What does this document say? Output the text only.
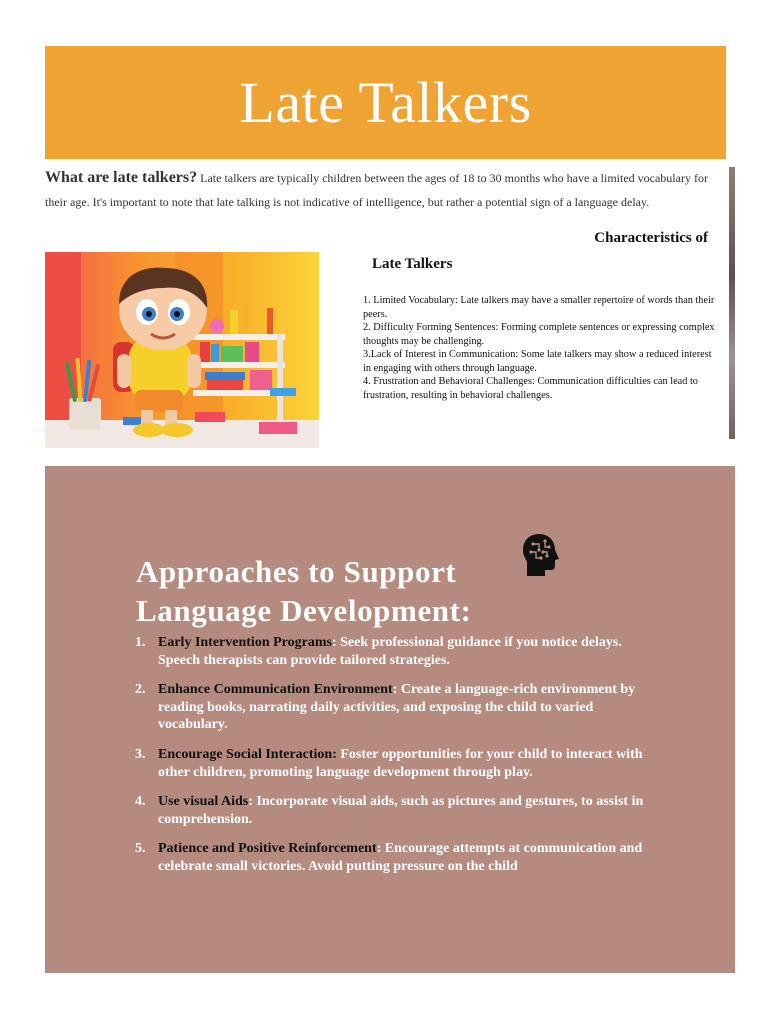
Late Talkers

What are late talkers? Late talkers are typically children between the ages of 18 to 30 months who have a limited vocabulary for their age. It's important to note that late talking is not indicative of intelligence, but rather a potential sign of a language delay.

Characteristics of
Late Talkers
1. Limited Vocabulary: Late talkers may have a smaller repertoire of words than their peers.
2. Difficulty Forming Sentences: Forming complete sentences or expressing complex thoughts may be challenging.
3.Lack of Interest in Communication: Some late talkers may show a reduced interest in engaging with others through language.
4. Frustration and Behavioral Challenges: Communication difficulties can lead to frustration, resulting in behavioral challenges.
Approaches to Support
Language Development:
1. Early Intervention Programs: Seek professional guidance if you notice delays. Speech therapists can provide tailored strategies.
2. Enhance Communication Environment: Create a language-rich environment by reading books, narrating daily activities, and exposing the child to varied vocabulary.
3. Encourage Social Interaction: Foster opportunities for your child to interact with other children, promoting language development through play.
4. Use visual Aids: Incorporate visual aids, such as pictures and gestures, to assist in comprehension.
5. Patience and Positive Reinforcement: Encourage attempts at communication and celebrate small victories. Avoid putting pressure on the child
